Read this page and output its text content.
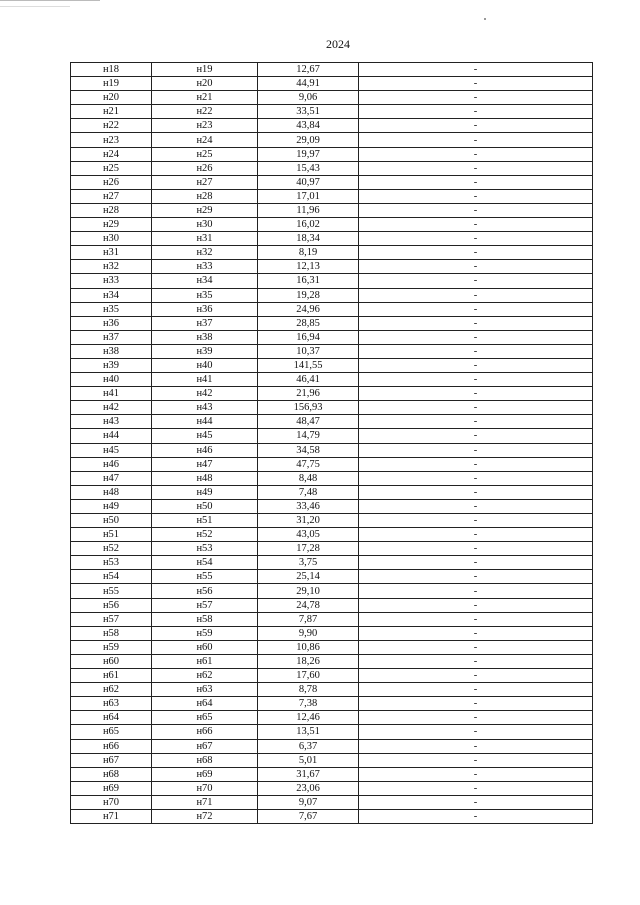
2024
н18	н19	12,67	-
н19	н20	44,91	-
н20	н21	9,06	-
н21	н22	33,51	-
н22	н23	43,84	-
н23	н24	29,09	-
н24	н25	19,97	-
н25	н26	15,43	-
н26	н27	40,97	-
н27	н28	17,01	-
н28	н29	11,96	-
н29	н30	16,02	-
н30	н31	18,34	-
н31	н32	8,19	-
н32	н33	12,13	-
н33	н34	16,31	-
н34	н35	19,28	-
н35	н36	24,96	-
н36	н37	28,85	-
н37	н38	16,94	-
н38	н39	10,37	-
н39	н40	141,55	-
н40	н41	46,41	-
н41	н42	21,96	-
н42	н43	156,93	-
н43	н44	48,47	-
н44	н45	14,79	-
н45	н46	34,58	-
н46	н47	47,75	-
н47	н48	8,48	-
н48	н49	7,48	-
н49	н50	33,46	-
н50	н51	31,20	-
н51	н52	43,05	-
н52	н53	17,28	-
н53	н54	3,75	-
н54	н55	25,14	-
н55	н56	29,10	-
н56	н57	24,78	-
н57	н58	7,87	-
н58	н59	9,90	-
н59	н60	10,86	-
н60	н61	18,26	-
н61	н62	17,60	-
н62	н63	8,78	-
н63	н64	7,38	-
н64	н65	12,46	-
н65	н66	13,51	-
н66	н67	6,37	-
н67	н68	5,01	-
н68	н69	31,67	-
н69	н70	23,06	-
н70	н71	9,07	-
н71	н72	7,67	-
